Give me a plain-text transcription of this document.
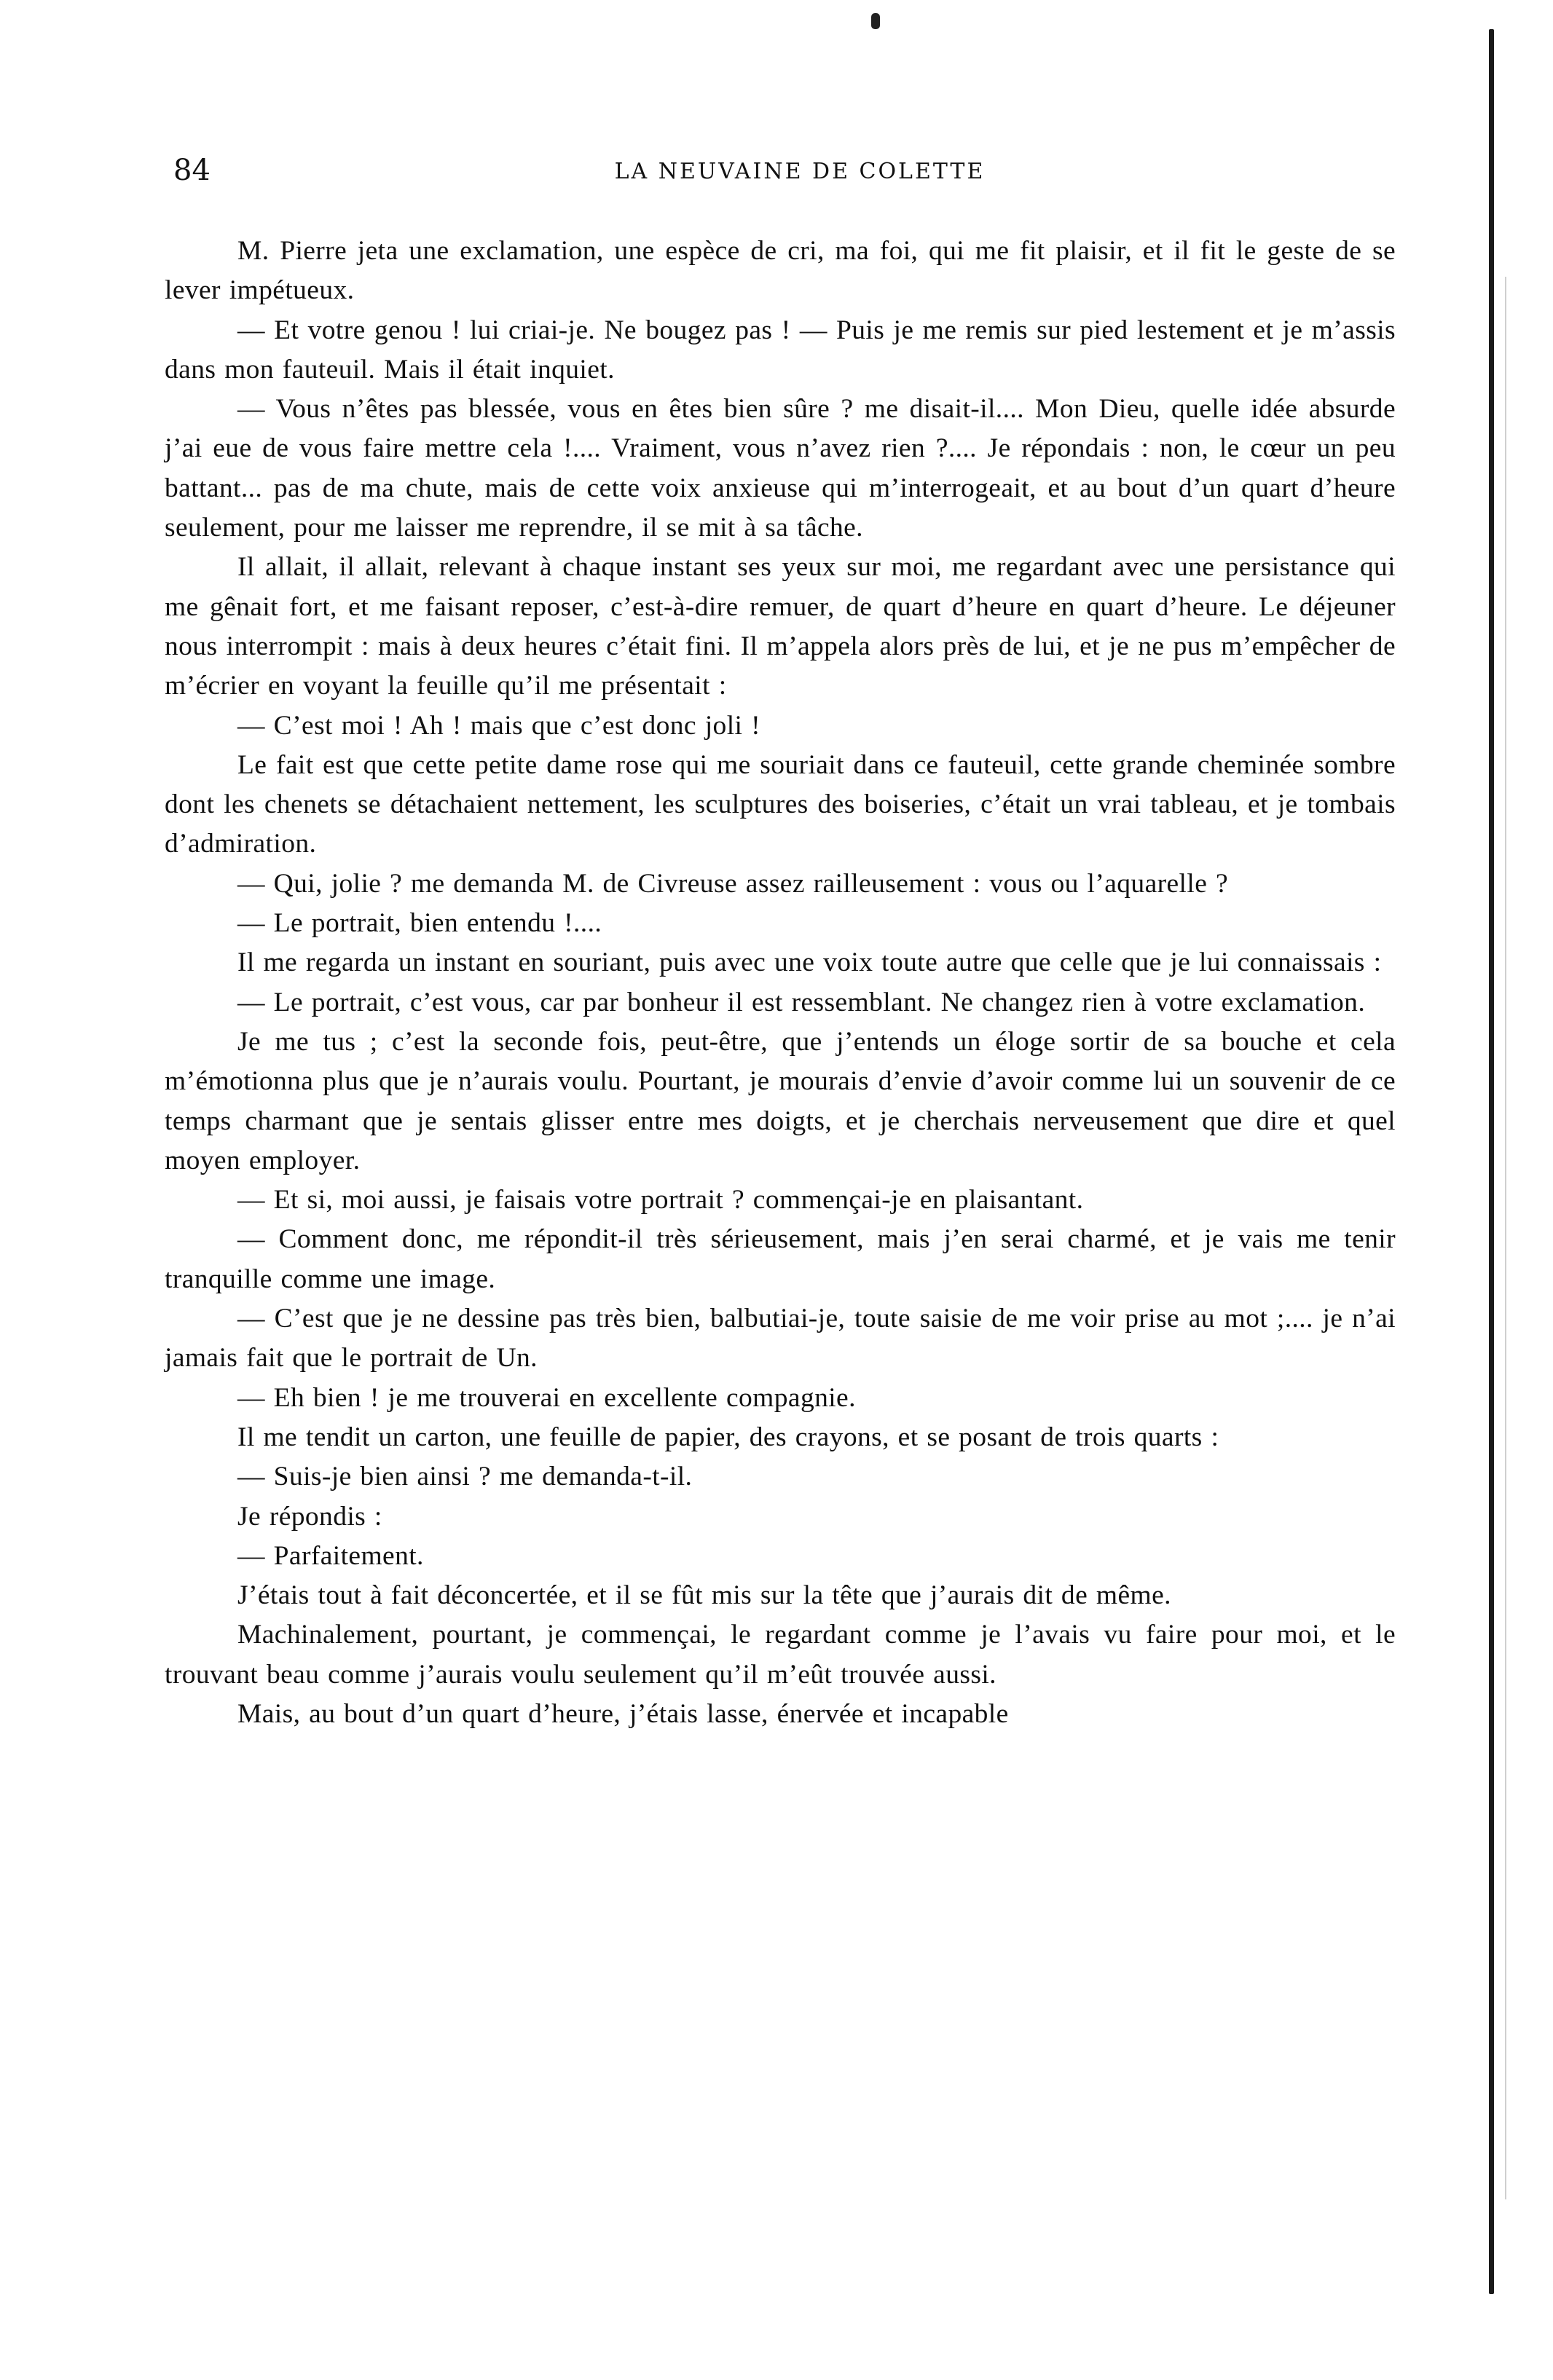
84	LA NEUVAINE DE COLETTE

M. Pierre jeta une exclamation, une espèce de cri, ma foi, qui me fit plaisir, et il fit le geste de se lever impétueux.

— Et votre genou ! lui criai-je. Ne bougez pas ! — Puis je me remis sur pied lestement et je m’assis dans mon fauteuil. Mais il était inquiet.

— Vous n’êtes pas blessée, vous en êtes bien sûre ? me disait-il.... Mon Dieu, quelle idée absurde j’ai eue de vous faire mettre cela !.... Vraiment, vous n’avez rien ?.... Je répondais : non, le cœur un peu battant... pas de ma chute, mais de cette voix anxieuse qui m’interrogeait, et au bout d’un quart d’heure seulement, pour me laisser me reprendre, il se mit à sa tâche.

Il allait, il allait, relevant à chaque instant ses yeux sur moi, me regardant avec une persistance qui me gênait fort, et me faisant reposer, c’est-à-dire remuer, de quart d’heure en quart d’heure. Le déjeuner nous interrompit : mais à deux heures c’était fini. Il m’appela alors près de lui, et je ne pus m’empêcher de m’écrier en voyant la feuille qu’il me présentait :

— C’est moi ! Ah ! mais que c’est donc joli !

Le fait est que cette petite dame rose qui me souriait dans ce fauteuil, cette grande cheminée sombre dont les chenets se détachaient nettement, les sculptures des boiseries, c’était un vrai tableau, et je tombais d’admiration.

— Qui, jolie ? me demanda M. de Civreuse assez railleusement : vous ou l’aquarelle ?

— Le portrait, bien entendu !....

Il me regarda un instant en souriant, puis avec une voix toute autre que celle que je lui connaissais :

— Le portrait, c’est vous, car par bonheur il est ressemblant. Ne changez rien à votre exclamation.

Je me tus ; c’est la seconde fois, peut-être, que j’entends un éloge sortir de sa bouche et cela m’émotionna plus que je n’aurais voulu. Pourtant, je mourais d’envie d’avoir comme lui un souvenir de ce temps charmant que je sentais glisser entre mes doigts, et je cherchais nerveusement que dire et quel moyen employer.

— Et si, moi aussi, je faisais votre portrait ? commençai-je en plaisantant.

— Comment donc, me répondit-il très sérieusement, mais j’en serai charmé, et je vais me tenir tranquille comme une image.

— C’est que je ne dessine pas très bien, balbutiai-je, toute saisie de me voir prise au mot ;.... je n’ai jamais fait que le portrait de Un.

— Eh bien ! je me trouverai en excellente compagnie.

Il me tendit un carton, une feuille de papier, des crayons, et se posant de trois quarts :

— Suis-je bien ainsi ? me demanda-t-il.

Je répondis :

— Parfaitement.

J’étais tout à fait déconcertée, et il se fût mis sur la tête que j’aurais dit de même.

Machinalement, pourtant, je commençai, le regardant comme je l’avais vu faire pour moi, et le trouvant beau comme j’aurais voulu seulement qu’il m’eût trouvée aussi.

Mais, au bout d’un quart d’heure, j’étais lasse, énervée et incapable
